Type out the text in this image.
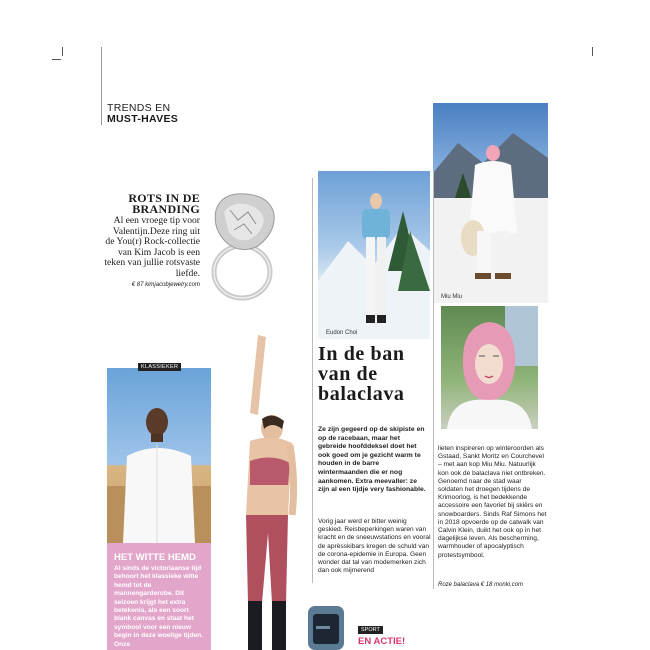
TRENDS EN
MUST-HAVES
ROTS IN DE BRANDING
Al een vroege tip voor Valentijn.Deze ring uit de You(r) Rock-collectie van Kim Jacob is een teken van jullie rotsvaste liefde.
€ 87 kimjacobjewelry.com
Eudon Choi
Miu Miu
In de ban van de balaclava
Ze zijn gegeerd op de skipiste en op de racebaan, maar het gebreide hoofddeksel doet het ook goed om je gezicht warm te houden in de barre wintermaanden die er nog aankomen. Extra meevaller: ze zijn al een tijdje very fashionable.
Vorig jaar werd er bitter weinig geskied. Reisbeperkingen waren van kracht en de sneeuwstations en vooral de aprèsskibars kregen de schuld van de corona-epidemie in Europa. Geen wonder dat tal van modemerken zich dan ook mijmerend
lieten inspireren op winteroorden als Gstaad, Sankt Moritz en Courchevel – met aan kop Miu Miu. Natuurlijk kon ook de balaclava niet ontbreken. Genoemd naar de stad waar soldaten het droegen tijdens de Krimoorlog, is het bedekkende accessoire een favoriet bij skiërs en snowboarders. Sinds Raf Simons het in 2018 opvoerde op de catwalk van Calvin Klein, duikt het ook op in het dagelijkse leven. Als bescherming, warmhouder of apocalyptisch protestsymbool.
Roze balaclava € 18 monki.com
KLASSIEKER
HET WITTE HEMD
Al sinds de victoriaanse tijd behoort het klassieke witte hemd tot de mannengarderobe. Dit seizoen krijgt het extra betekenis, als een soort blank canvas en staat het symbool voor een nieuw begin in deze woelige tijden. Onze
SPORT
EN ACTIE!
